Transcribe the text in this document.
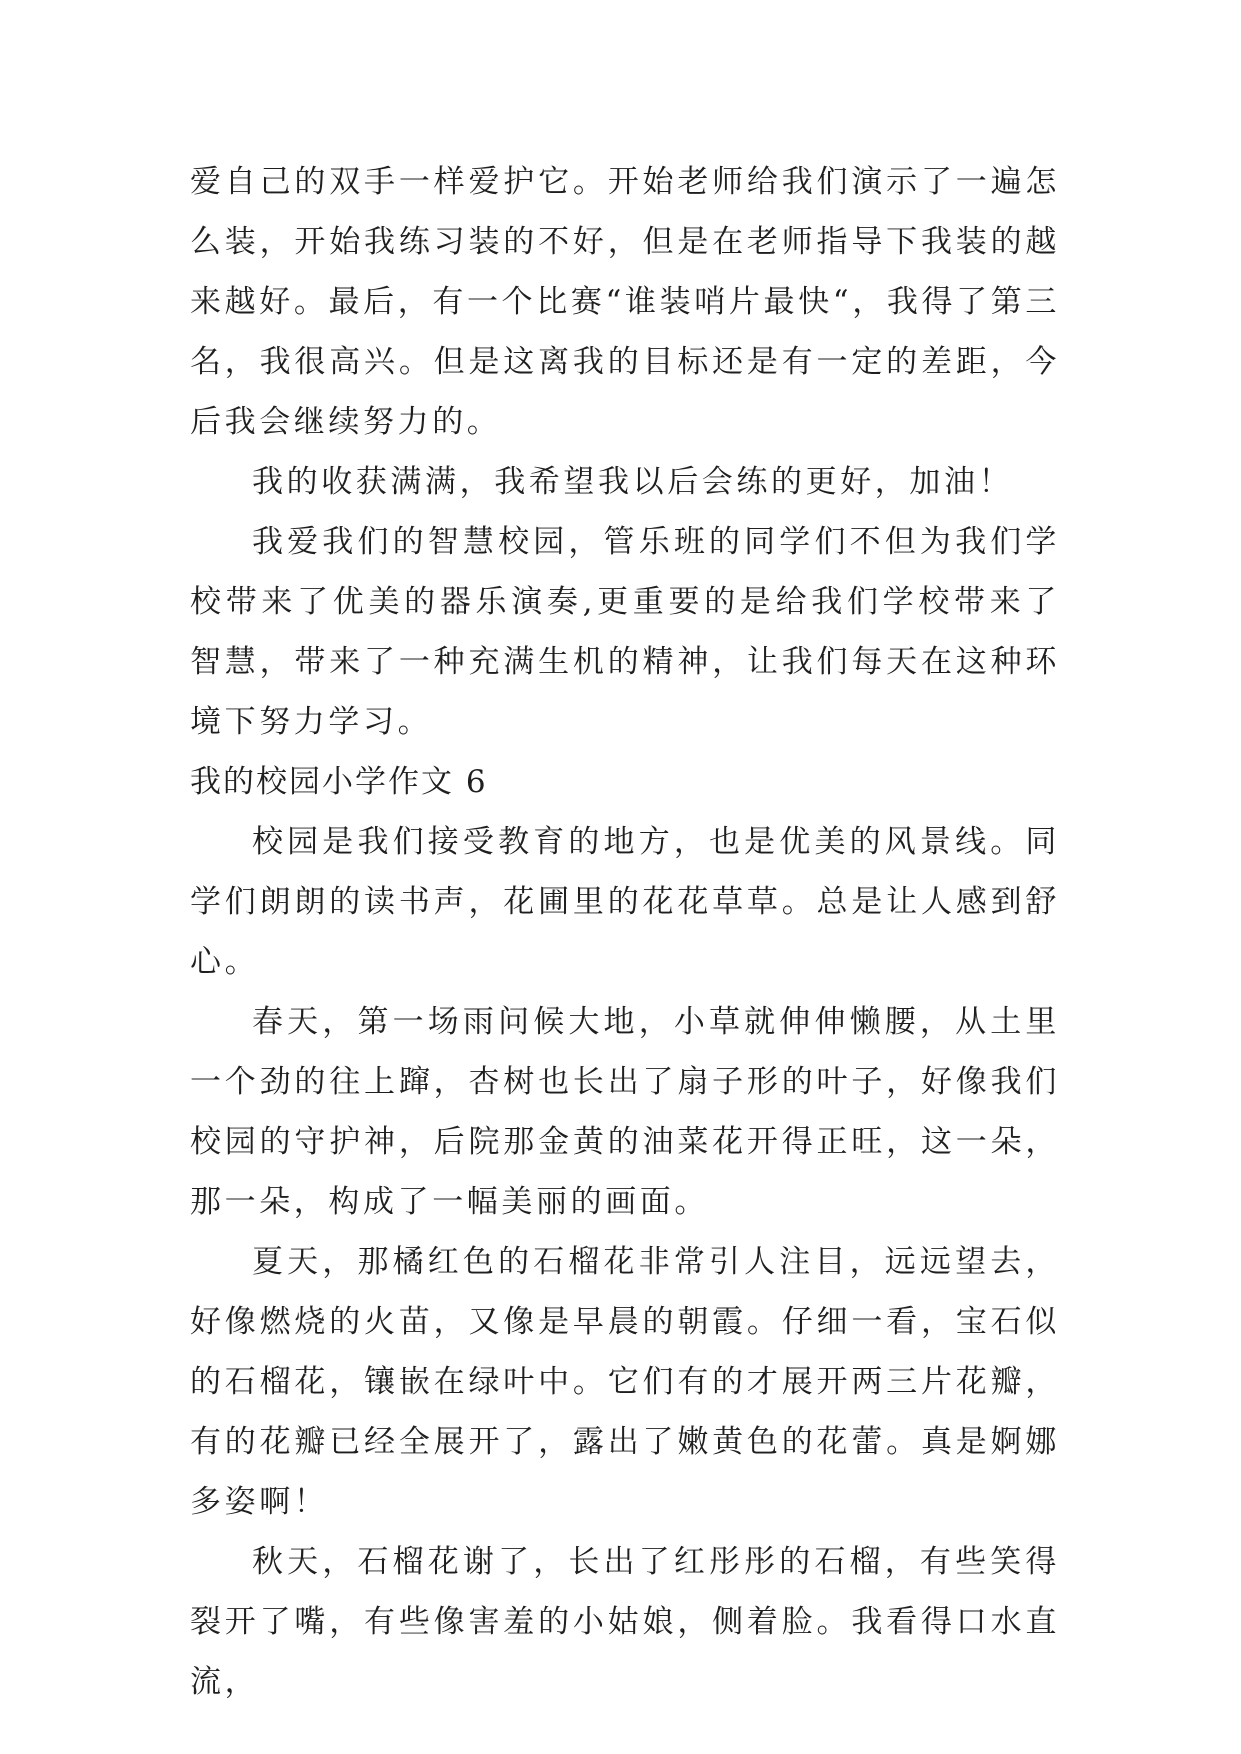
爱自己的双手一样爱护它。开始老师给我们演示了一遍怎么装，开始我练习装的不好，但是在老师指导下我装的越来越好。最后，有一个比赛“谁装哨片最快“，我得了第三名，我很高兴。但是这离我的目标还是有一定的差距，今后我会继续努力的。

我的收获满满，我希望我以后会练的更好，加油！

我爱我们的智慧校园，管乐班的同学们不但为我们学校带来了优美的器乐演奏,更重要的是给我们学校带来了智慧，带来了一种充满生机的精神，让我们每天在这种环境下努力学习。

我的校园小学作文 6

校园是我们接受教育的地方，也是优美的风景线。同学们朗朗的读书声，花圃里的花花草草。总是让人感到舒心。

春天，第一场雨问候大地，小草就伸伸懒腰，从土里一个劲的往上蹿，杏树也长出了扇子形的叶子，好像我们校园的守护神，后院那金黄的油菜花开得正旺，这一朵，那一朵，构成了一幅美丽的画面。

夏天，那橘红色的石榴花非常引人注目，远远望去，好像燃烧的火苗，又像是早晨的朝霞。仔细一看，宝石似的石榴花，镶嵌在绿叶中。它们有的才展开两三片花瓣，有的花瓣已经全展开了，露出了嫩黄色的花蕾。真是婀娜多姿啊！

秋天，石榴花谢了，长出了红彤彤的石榴，有些笑得裂开了嘴，有些像害羞的小姑娘，侧着脸。我看得口水直流，
